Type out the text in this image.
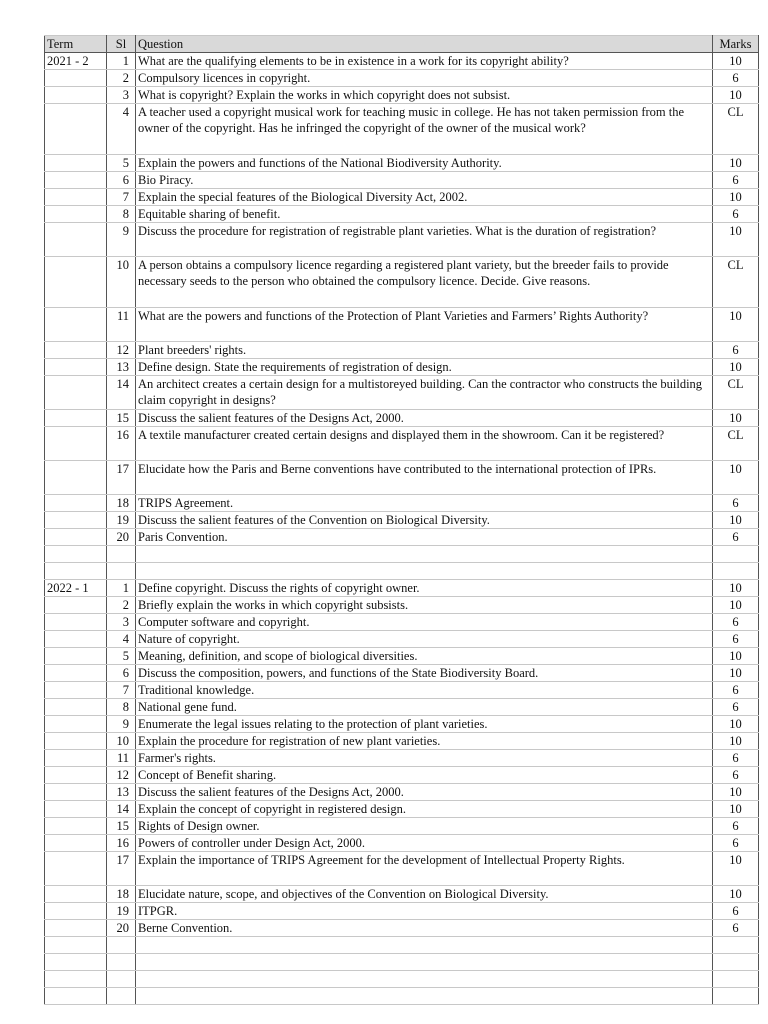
Term	Sl	Question	Marks
2021 - 2	1	What are the qualifying elements to be in existence in a work for its copyright ability?	10
	2	Compulsory licences in copyright.	6
	3	What is copyright? Explain the works in which copyright does not subsist.	10
	4	A teacher used a copyright musical work for teaching music in college. He has not taken permission from the owner of the copyright. Has he infringed the copyright of the owner of the musical work?	CL
	5	Explain the powers and functions of the National Biodiversity Authority.	10
	6	Bio Piracy.	6
	7	Explain the special features of the Biological Diversity Act, 2002.	10
	8	Equitable sharing of benefit.	6
	9	Discuss the procedure for registration of registrable plant varieties. What is the duration of registration?	10
	10	A person obtains a compulsory licence regarding a registered plant variety, but the breeder fails to provide necessary seeds to the person who obtained the compulsory licence. Decide. Give reasons.	CL
	11	What are the powers and functions of the Protection of Plant Varieties and Farmers’ Rights Authority?	10
	12	Plant breeders' rights.	6
	13	Define design. State the requirements of registration of design.	10
	14	An architect creates a certain design for a multistoreyed building. Can the contractor who constructs the building claim copyright in designs?	CL
	15	Discuss the salient features of the Designs Act, 2000.	10
	16	A textile manufacturer created certain designs and displayed them in the showroom. Can it be registered?	CL
	17	Elucidate how the Paris and Berne conventions have contributed to the international protection of IPRs.	10
	18	TRIPS Agreement.	6
	19	Discuss the salient features of the Convention on Biological Diversity.	10
	20	Paris Convention.	6

2022 - 1	1	Define copyright. Discuss the rights of copyright owner.	10
	2	Briefly explain the works in which copyright subsists.	10
	3	Computer software and copyright.	6
	4	Nature of copyright.	6
	5	Meaning, definition, and scope of biological diversities.	10
	6	Discuss the composition, powers, and functions of the State Biodiversity Board.	10
	7	Traditional knowledge.	6
	8	National gene fund.	6
	9	Enumerate the legal issues relating to the protection of plant varieties.	10
	10	Explain the procedure for registration of new plant varieties.	10
	11	Farmer's rights.	6
	12	Concept of Benefit sharing.	6
	13	Discuss the salient features of the Designs Act, 2000.	10
	14	Explain the concept of copyright in registered design.	10
	15	Rights of Design owner.	6
	16	Powers of controller under Design Act, 2000.	6
	17	Explain the importance of TRIPS Agreement for the development of Intellectual Property Rights.	10
	18	Elucidate nature, scope, and objectives of the Convention on Biological Diversity.	10
	19	ITPGR.	6
	20	Berne Convention.	6
